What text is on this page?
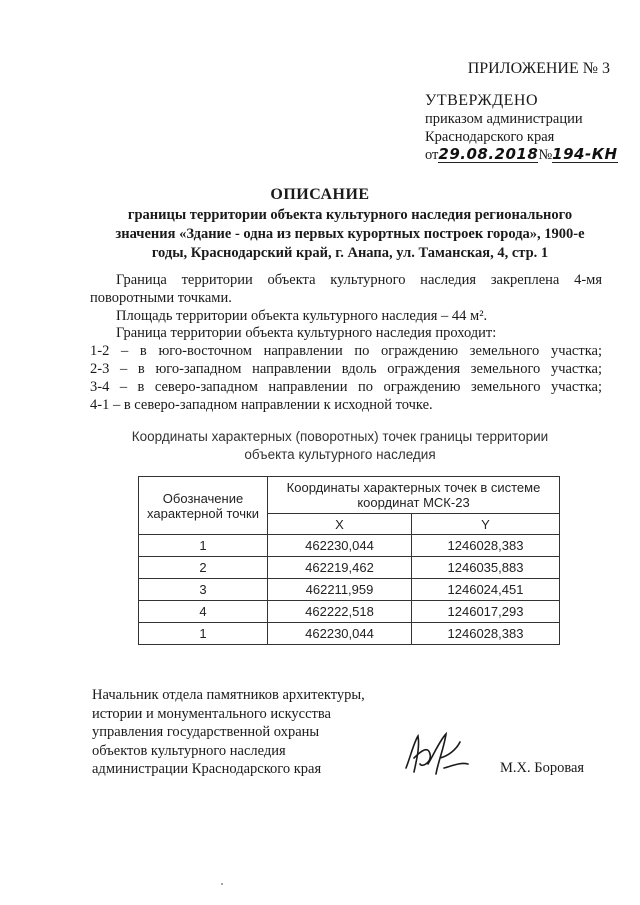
ПРИЛОЖЕНИЕ № 3
УТВЕРЖДЕНО
приказом администрации
Краснодарского края
от29.08.2018№194-КН
ОПИСАНИЕ
границы территории объекта культурного наследия регионального значения «Здание - одна из первых курортных построек города», 1900-е годы, Краснодарский край, г. Анапа, ул. Таманская, 4, стр. 1

Граница территории объекта культурного наследия закреплена 4-мя поворотными точками.

Площадь территории объекта культурного наследия – 44 м².

Граница территории объекта культурного наследия проходит:

1-2 – в юго-восточном направлении по ограждению земельного участка;

2-3 – в юго-западном направлении вдоль ограждения земельного участка;

3-4 – в северо-западном направлении по ограждению земельного участка;

4-1 – в северо-западном направлении к исходной точке.

Координаты характерных (поворотных) точек границы территории объекта культурного наследия
Обозначение характерной точки	Координаты характерных точек в системе координат МСК-23	
	X	Y
1	462230,044	1246028,383
2	462219,462	1246035,883
3	462211,959	1246024,451
4	462222,518	1246017,293
1	462230,044	1246028,383
Начальник отдела памятников архитектуры,
истории и монументального искусства
управления государственной охраны
объектов культурного наследия
администрации Краснодарского края	М.Х. Боровая
